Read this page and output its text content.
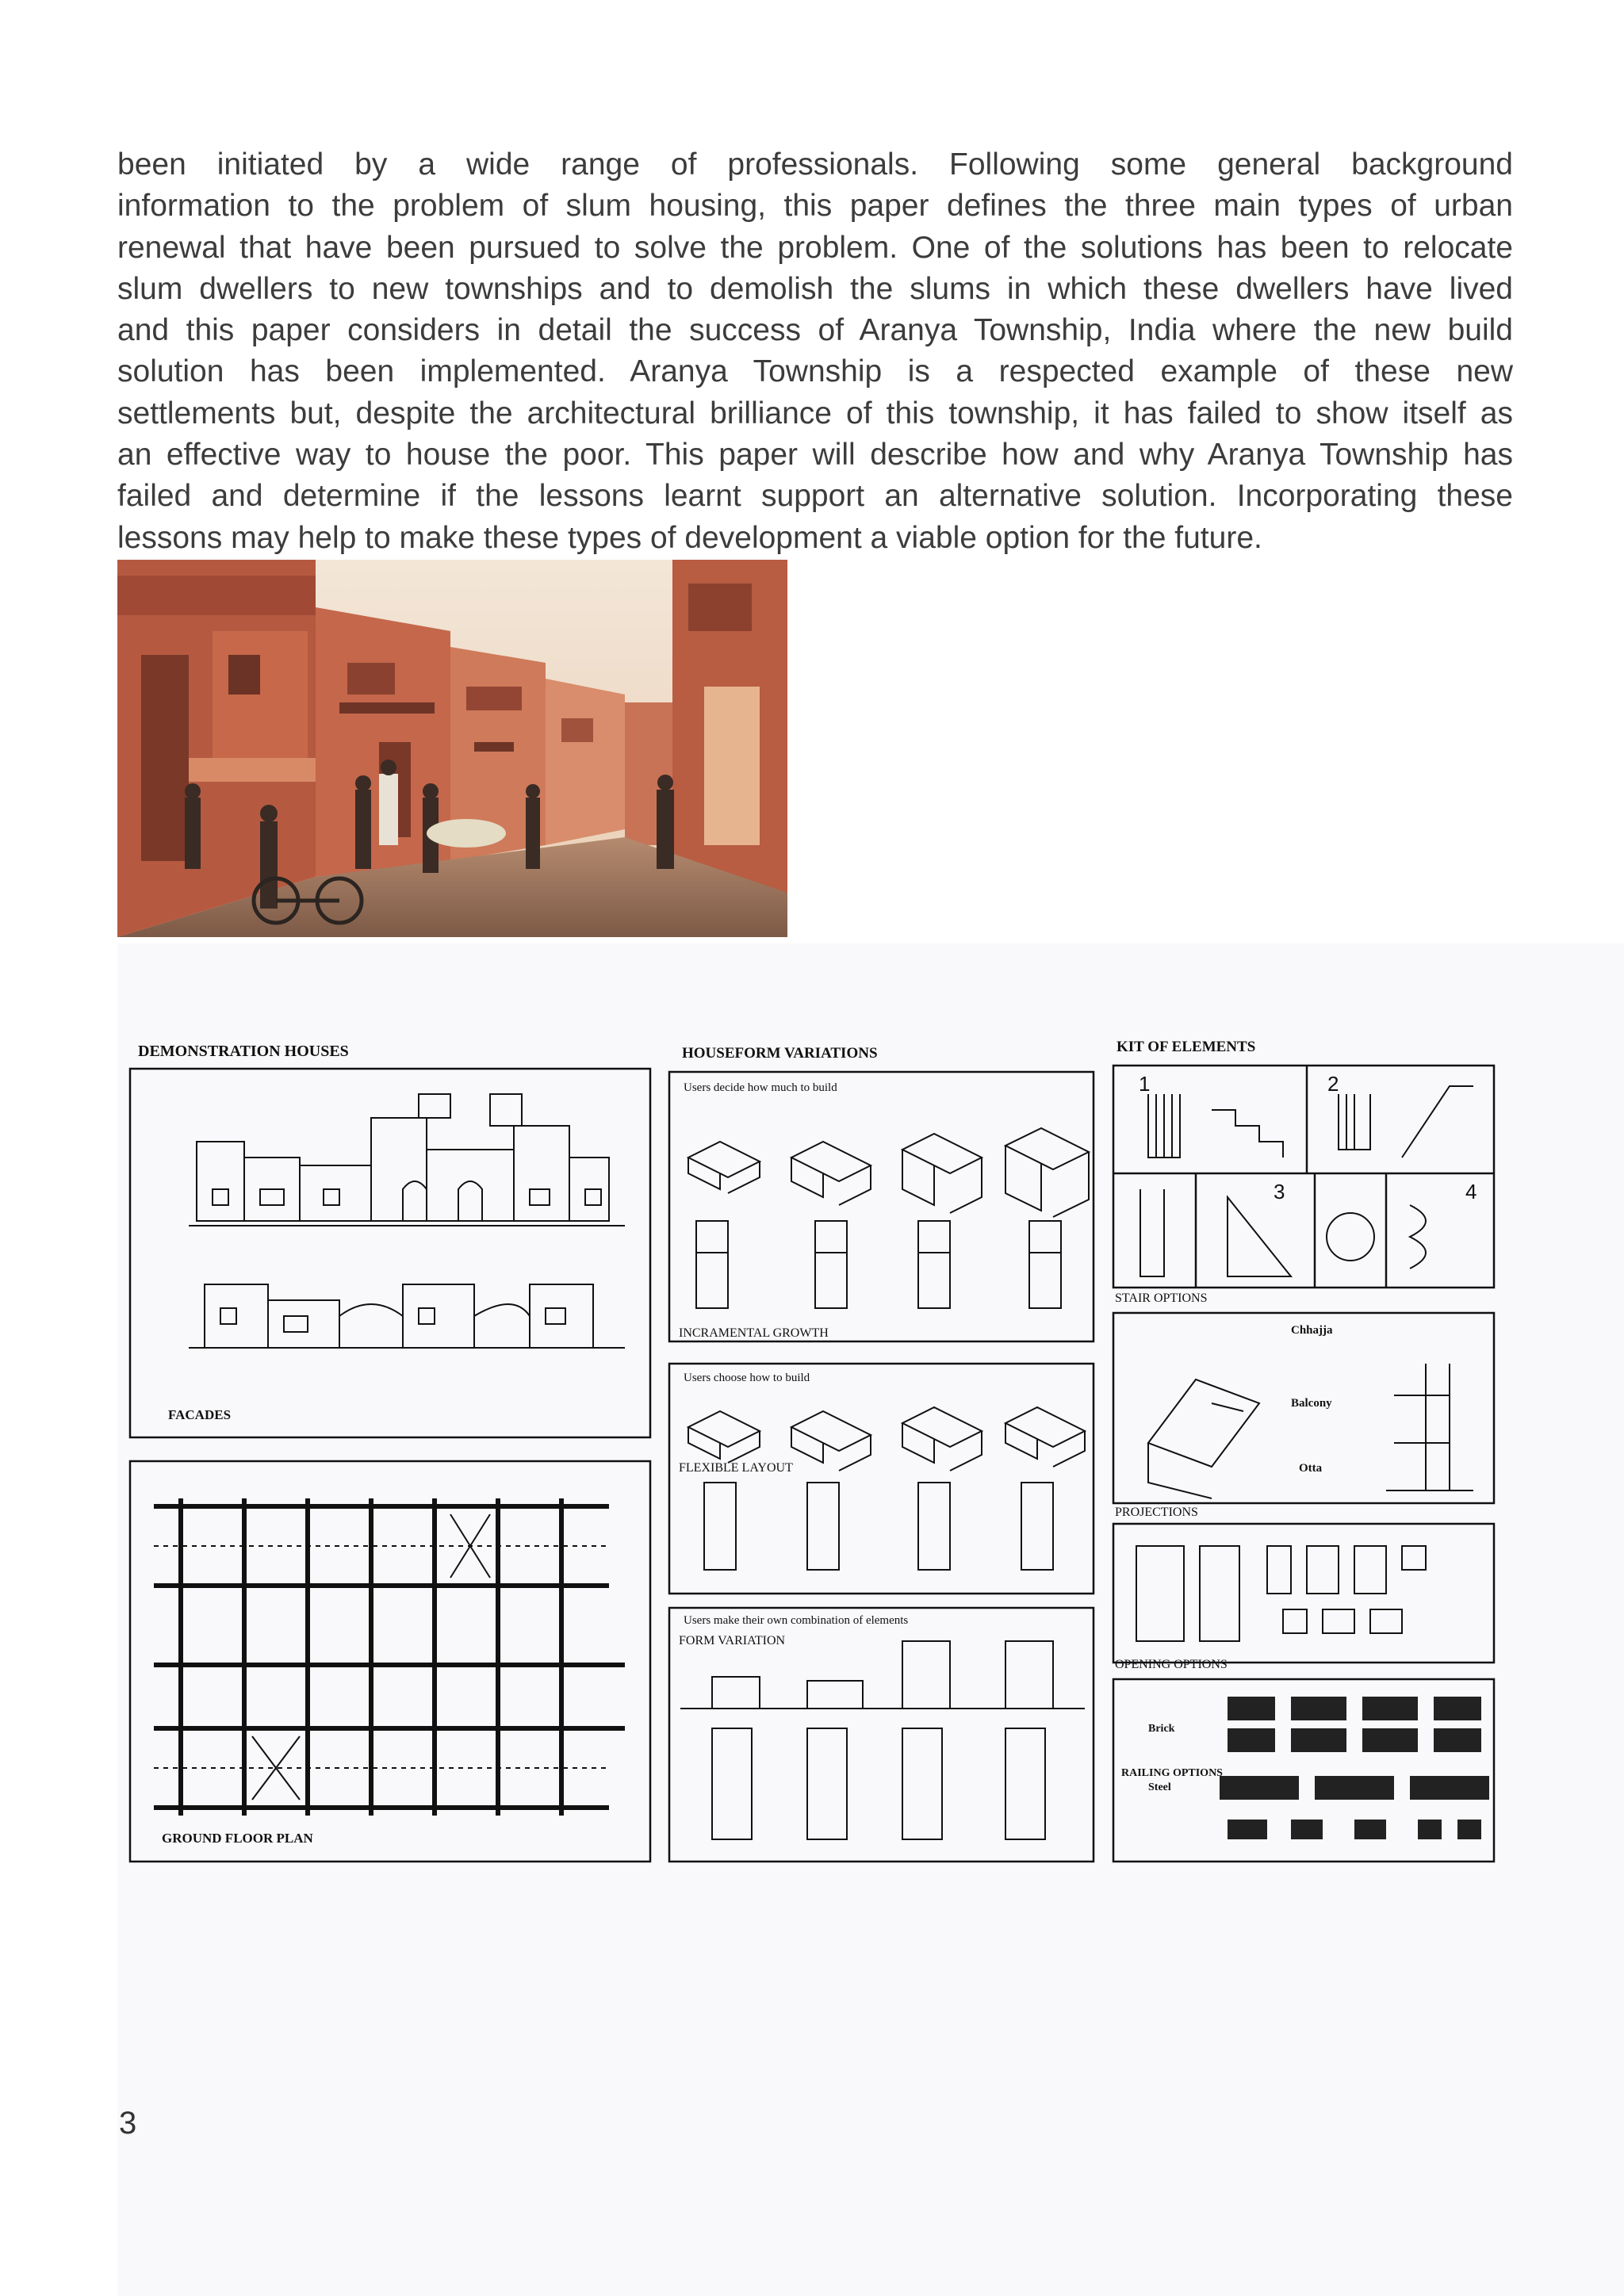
been initiated by a wide range of professionals. Following some general background
information to the problem of slum housing, this paper defines the three main types of urban
renewal that have been pursued to solve the problem. One of the solutions has been to relocate
slum dwellers to new townships and to demolish the slums in which these dwellers have lived
and this paper considers in detail the success of Aranya Township, India where the new build
solution has been implemented. Aranya Township is a respected example of these new
settlements but, despite the architectural brilliance of this township, it has failed to show itself as
an effective way to house the poor. This paper will describe how and why Aranya Township has
failed and determine if the lessons learnt support an alternative solution. Incorporating these
lessons may help to make these types of development a viable option for the future.
DEMONSTRATION HOUSES
FACADES
GROUND FLOOR PLAN
HOUSEFORM VARIATIONS
Users decide how much to build
INCRAMENTAL GROWTH
Users choose how to build
FLEXIBLE LAYOUT
Users make their own combination of elements
FORM VARIATION
KIT OF ELEMENTS
1	2
3	4
STAIR OPTIONS
Chhajja
Balcony
Otta
PROJECTIONS
OPENING OPTIONS
Brick
RAILING OPTIONS
Steel
3
